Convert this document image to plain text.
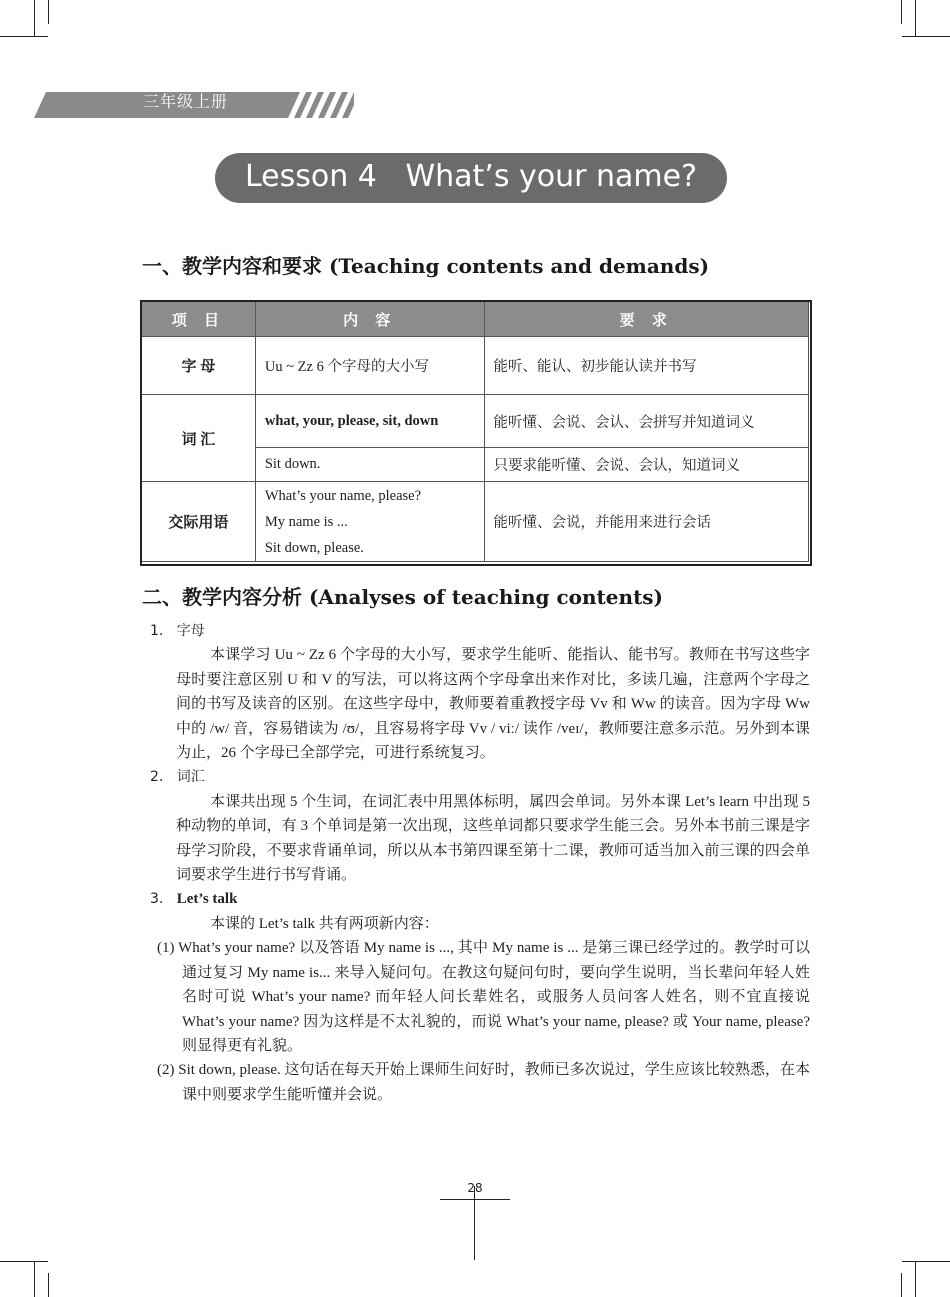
三年级上册
Lesson 4   What’s your name?
一、教学内容和要求 (Teaching contents and demands)
项 目	内 容	要 求
字 母	Uu ~ Zz 6 个字母的大小写	能听、能认、初步能认读并书写
词 汇	what, your, please, sit, down	能听懂、会说、会认、会拼写并知道词义
	Sit down.	只要求能听懂、会说、会认，知道词义
交际用语	What’s your name, please?
My name is ...
Sit down, please.	能听懂、会说，并能用来进行会话
二、教学内容分析 (Analyses of teaching contents)

1. 字母

本课学习 Uu ~ Zz 6 个字母的大小写，要求学生能听、能指认、能书写。教师在书写这些字母时要注意区别 U 和 V 的写法，可以将这两个字母拿出来作对比，多读几遍，注意两个字母之间的书写及读音的区别。在这些字母中，教师要着重教授字母 Vv 和 Ww 的读音。因为字母 Ww 中的 /w/ 音，容易错读为 /ʊ/，且容易将字母 Vv / viː/ 读作 /veɪ/，教师要注意多示范。另外到本课为止，26 个字母已全部学完，可进行系统复习。

2. 词汇

本课共出现 5 个生词，在词汇表中用黑体标明，属四会单词。另外本课 Let’s learn 中出现 5 种动物的单词，有 3 个单词是第一次出现，这些单词都只要求学生能三会。另外本书前三课是字母学习阶段，不要求背诵单词，所以从本书第四课至第十二课，教师可适当加入前三课的四会单词要求学生进行书写背诵。

3. Let’s talk

本课的 Let’s talk 共有两项新内容：

(1) What’s your name? 以及答语 My name is ..., 其中 My name is ... 是第三课已经学过的。教学时可以通过复习 My name is... 来导入疑问句。在教这句疑问句时，要向学生说明，当长辈问年轻人姓名时可说 What’s your name? 而年轻人问长辈姓名，或服务人员问客人姓名，则不宜直接说 What’s your name? 因为这样是不太礼貌的，而说 What’s your name, please? 或 Your name, please? 则显得更有礼貌。

(2) Sit down, please. 这句话在每天开始上课师生问好时，教师已多次说过，学生应该比较熟悉，在本课中则要求学生能听懂并会说。

28
